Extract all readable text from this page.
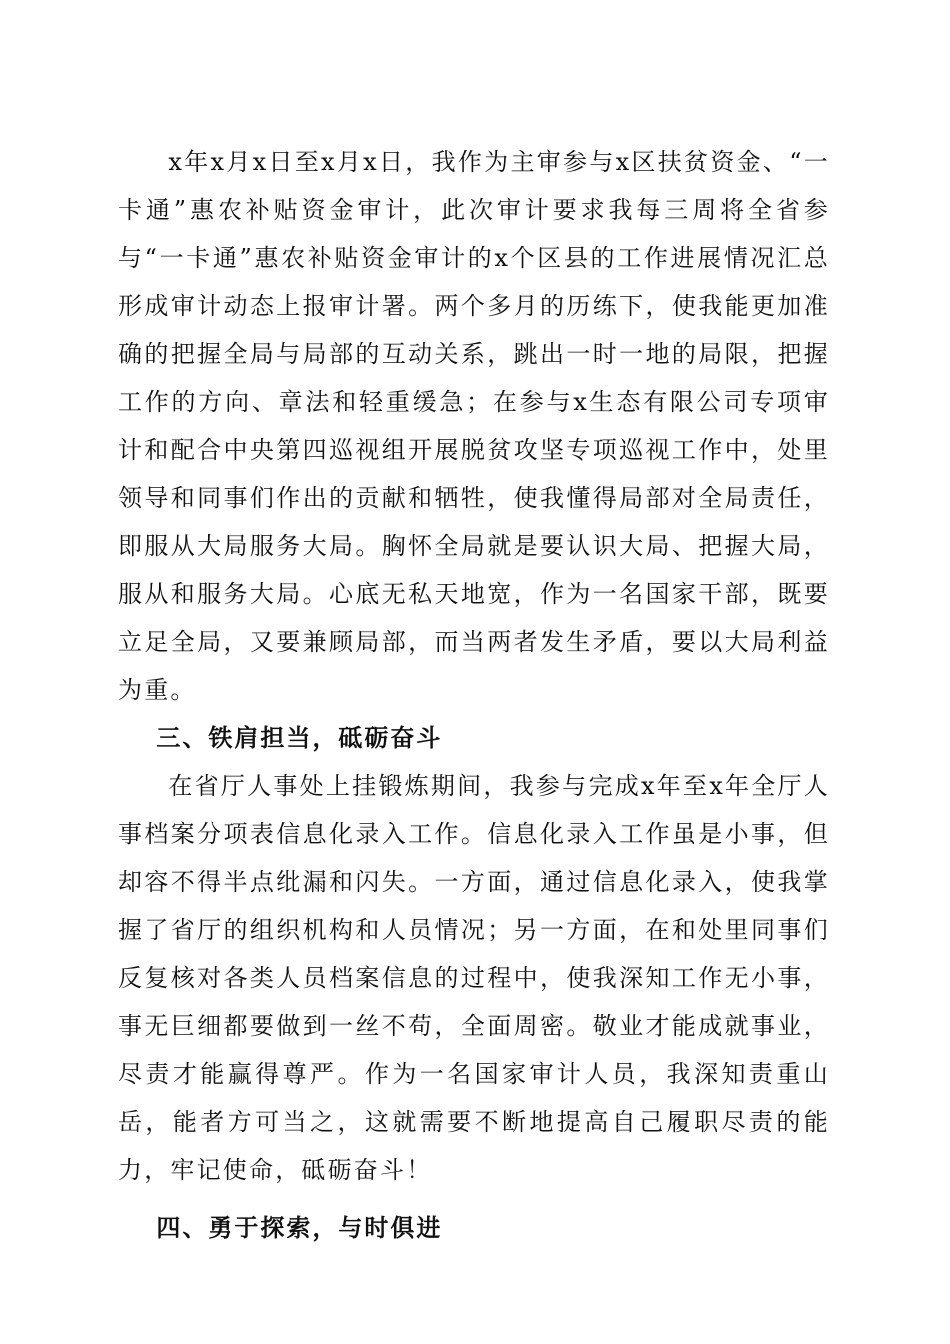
x年x月x日至x月x日，我作为主审参与x区扶贫资金、“一卡通”惠农补贴资金审计，此次审计要求我每三周将全省参与“一卡通”惠农补贴资金审计的x个区县的工作进展情况汇总形成审计动态上报审计署。两个多月的历练下，使我能更加准确的把握全局与局部的互动关系，跳出一时一地的局限，把握工作的方向、章法和轻重缓急；在参与x生态有限公司专项审计和配合中央第四巡视组开展脱贫攻坚专项巡视工作中，处里领导和同事们作出的贡献和牺牲，使我懂得局部对全局责任，即服从大局服务大局。胸怀全局就是要认识大局、把握大局，服从和服务大局。心底无私天地宽，作为一名国家干部，既要立足全局，又要兼顾局部，而当两者发生矛盾，要以大局利益为重。

三、铁肩担当，砥砺奋斗

在省厅人事处上挂锻炼期间，我参与完成x年至x年全厅人事档案分项表信息化录入工作。信息化录入工作虽是小事，但却容不得半点纰漏和闪失。一方面，通过信息化录入，使我掌握了省厅的组织机构和人员情况；另一方面，在和处里同事们反复核对各类人员档案信息的过程中，使我深知工作无小事，事无巨细都要做到一丝不苟，全面周密。敬业才能成就事业，尽责才能赢得尊严。作为一名国家审计人员，我深知责重山岳，能者方可当之，这就需要不断地提高自己履职尽责的能力，牢记使命，砥砺奋斗！

四、勇于探索，与时俱进
